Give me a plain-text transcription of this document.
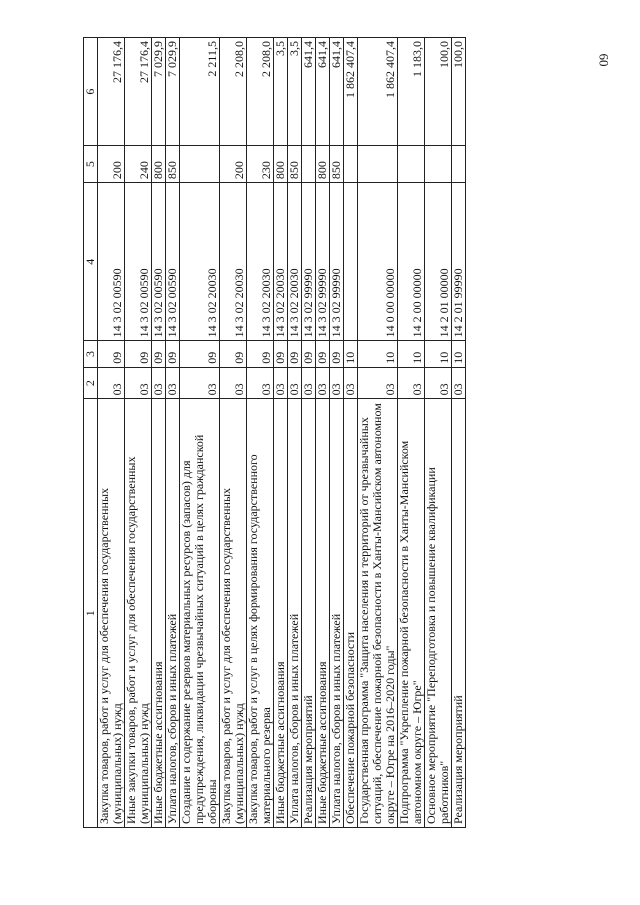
60
1	2	3	4	5	6
Закупка товаров, работ и услуг для обеспечения государственных (муниципальных) нужд	03	09	14 3 02 00590	200	27 176,4
Иные закупки товаров, работ и услуг для обеспечения государственных (муниципальных) нужд	03	09	14 3 02 00590	240	27 176,4
Иные бюджетные ассигнования	03	09	14 3 02 00590	800	7 029,9
Уплата налогов, сборов и иных платежей	03	09	14 3 02 00590	850	7 029,9
Создание и содержание резервов материальных ресурсов (запасов) для предупреждения, ликвидации чрезвычайных ситуаций в целях гражданской обороны	03	09	14 3 02 20030		2 211,5
Закупка товаров, работ и услуг для обеспечения государственных (муниципальных) нужд	03	09	14 3 02 20030	200	2 208,0
Закупка товаров, работ и услуг в целях формирования государственного материального резерва	03	09	14 3 02 20030	230	2 208,0
Иные бюджетные ассигнования	03	09	14 3 02 20030	800	3,5
Уплата налогов, сборов и иных платежей	03	09	14 3 02 20030	850	3,5
Реализация мероприятий	03	09	14 3 02 99990		641,4
Иные бюджетные ассигнования	03	09	14 3 02 99990	800	641,4
Уплата налогов, сборов и иных платежей	03	09	14 3 02 99990	850	641,4
Обеспечение пожарной безопасности	03	10			1 862 407,4
Государственная программа "Защита населения и территорий от чрезвычайных ситуаций, обеспечение пожарной безопасности в Ханты-Мансийском автономном округе – Югре на 2016–2020 годы"	03	10	14 0 00 00000		1 862 407,4
Подпрограмма "Укрепление пожарной безопасности в Ханты-Мансийском автономном округе – Югре"	03	10	14 2 00 00000		1 183,0
Основное мероприятие "Переподготовка и повышение квалификации работников"	03	10	14 2 01 00000		100,0
Реализация мероприятий	03	10	14 2 01 99990		100,0
